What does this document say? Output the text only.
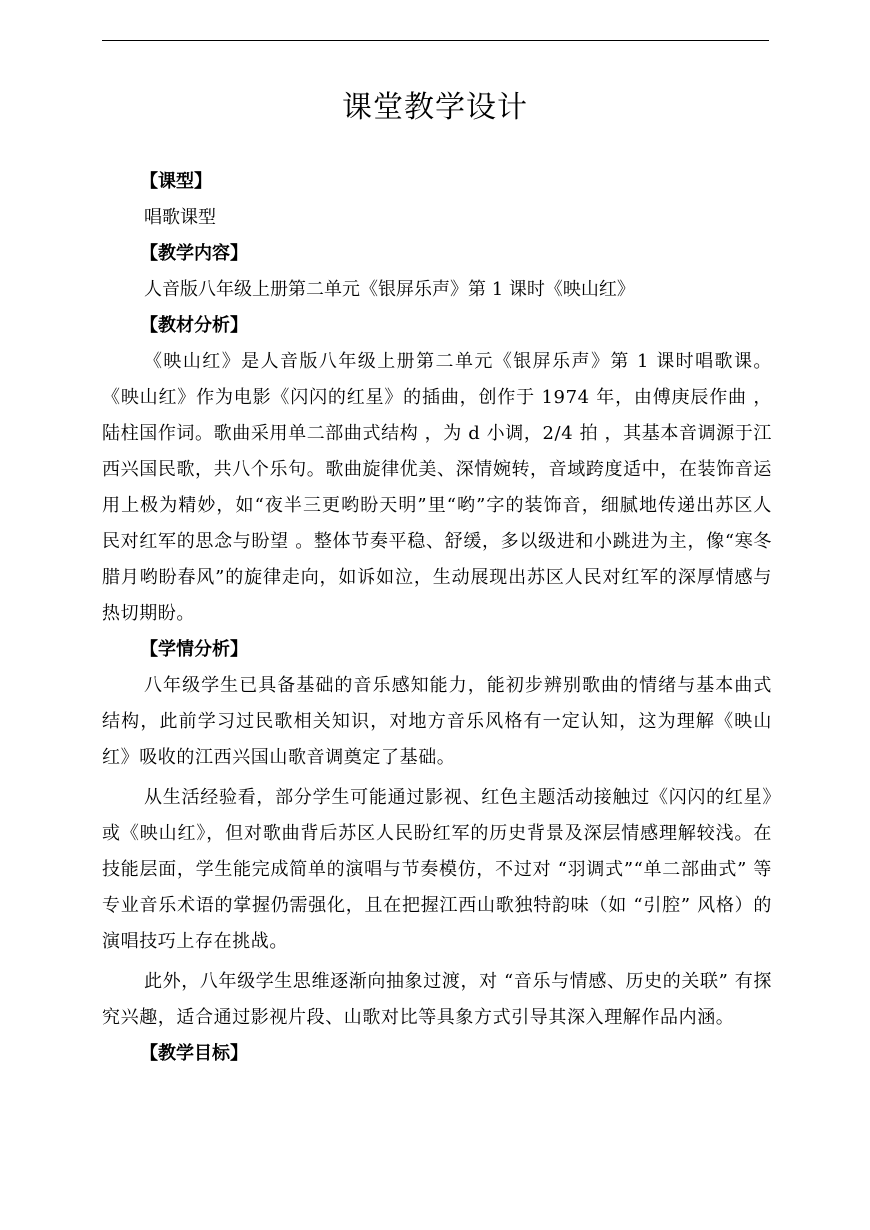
课堂教学设计

【课型】

唱歌课型

【教学内容】

人音版八年级上册第二单元《银屏乐声》第 1 课时《映山红》

【教材分析】

《映山红》是人音版八年级上册第二单元《银屏乐声》第 1 课时唱歌课。《映山红》作为电影《闪闪的红星》的插曲，创作于 1974 年，由傅庚辰作曲 ，陆柱国作词。歌曲采用单二部曲式结构 ，为 d 小调，2/4 拍 ，其基本音调源于江西兴国民歌，共八个乐句。歌曲旋律优美、深情婉转，音域跨度适中，在装饰音运用上极为精妙，如“夜半三更哟盼天明”里“哟”字的装饰音，细腻地传递出苏区人民对红军的思念与盼望 。整体节奏平稳、舒缓，多以级进和小跳进为主，像“寒冬腊月哟盼春风”的旋律走向，如诉如泣，生动展现出苏区人民对红军的深厚情感与热切期盼。

【学情分析】

八年级学生已具备基础的音乐感知能力，能初步辨别歌曲的情绪与基本曲式结构，此前学习过民歌相关知识，对地方音乐风格有一定认知，这为理解《映山红》吸收的江西兴国山歌音调奠定了基础。

从生活经验看，部分学生可能通过影视、红色主题活动接触过《闪闪的红星》或《映山红》，但对歌曲背后苏区人民盼红军的历史背景及深层情感理解较浅。在技能层面，学生能完成简单的演唱与节奏模仿，不过对 “羽调式”“单二部曲式” 等专业音乐术语的掌握仍需强化，且在把握江西山歌独特韵味（如 “引腔” 风格）的演唱技巧上存在挑战。

此外，八年级学生思维逐渐向抽象过渡，对 “音乐与情感、历史的关联” 有探究兴趣，适合通过影视片段、山歌对比等具象方式引导其深入理解作品内涵。

【教学目标】
